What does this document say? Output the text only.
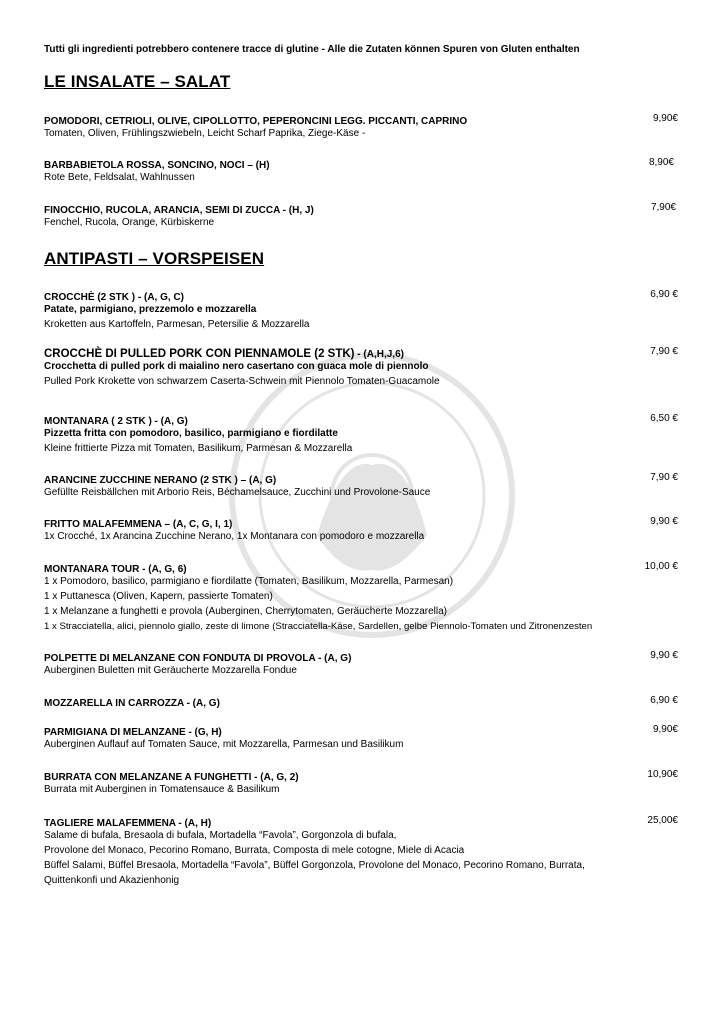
Tutti gli ingredienti potrebbero contenere tracce di glutine - Alle die Zutaten können Spuren von Gluten enthalten
LE INSALATE – SALAT
POMODORI, CETRIOLI, OLIVE, CIPOLLOTTO, PEPERONCINI LEGG. PICCANTI, CAPRINO	9,90€
Tomaten, Oliven, Frühlingszwiebeln, Leicht Scharf Paprika, Ziege-Käse -
BARBABIETOLA ROSSA, SONCINO, NOCI – (H)	8,90€
Rote Bete, Feldsalat, Wahlnussen
FINOCCHIO, RUCOLA, ARANCIA, SEMI DI ZUCCA - (H, J)	7,90€
Fenchel, Rucola, Orange, Kürbiskerne
ANTIPASTI – VORSPEISEN
CROCCHÈ (2 STK ) - (A, G, C)	6,90 €
Patate, parmigiano, prezzemolo e mozzarella
Kroketten aus Kartoffeln, Parmesan, Petersilie & Mozzarella
CROCCHÈ DI PULLED PORK CON PIENNAMOLE (2 STK) - (A,H,J,6)	7,90 €
Crocchetta di pulled pork di maialino nero casertano con guaca mole di piennolo
Pulled Pork Krokette von schwarzem Caserta-Schwein mit Piennolo Tomaten-Guacamole
MONTANARA ( 2 STK ) - (A, G)	6,50 €
Pizzetta fritta con pomodoro, basilico, parmigiano e fiordilatte
Kleine frittierte Pizza mit Tomaten, Basilikum, Parmesan & Mozzarella
ARANCINE ZUCCHINE NERANO (2 STK ) – (A, G)	7,90 €
Gefüllte Reisbällchen mit Arborio Reis, Béchamelsauce, Zucchini und Provolone-Sauce
FRITTO MALAFEMMENA – (A, C, G, I, 1)	9,90 €
1x Crocché, 1x Arancina Zucchine Nerano, 1x Montanara con pomodoro e mozzarella
MONTANARA TOUR - (A, G, 6)	10,00 €
1 x Pomodoro, basilico, parmigiano e fiordilatte (Tomaten, Basilikum, Mozzarella, Parmesan)
1 x Puttanesca (Oliven, Kapern, passierte Tomaten)
1 x Melanzane a funghetti e provola (Auberginen, Cherrytomaten, Geräucherte Mozzarella)
1 x Stracciatella, alici, piennolo giallo, zeste di limone (Stracciatella-Käse, Sardellen, gelbe Piennolo-Tomaten und Zitronenzesten
POLPETTE DI MELANZANE CON FONDUTA DI PROVOLA - (A, G)	9,90 €
Auberginen Buletten mit Geräucherte Mozzarella Fondue
MOZZARELLA IN CARROZZA - (A, G)	6,90 €
PARMIGIANA DI MELANZANE - (G, H)	9,90€
Auberginen Auflauf auf Tomaten Sauce, mit Mozzarella, Parmesan und Basilikum
BURRATA CON MELANZANE A FUNGHETTI - (A, G, 2)	10,90€
Burrata mit Auberginen in Tomatensauce & Basilikum
TAGLIERE MALAFEMMENA - (A, H)	25,00€
Salame di bufala, Bresaola di bufala, Mortadella “Favola”, Gorgonzola di bufala,
Provolone del Monaco, Pecorino Romano, Burrata, Composta di mele cotogne, Miele di Acacia
Büffel Salami, Büffel Bresaola, Mortadella “Favola”, Büffel Gorgonzola, Provolone del Monaco, Pecorino Romano, Burrata,
Quittenkonfi und Akazienhonig
